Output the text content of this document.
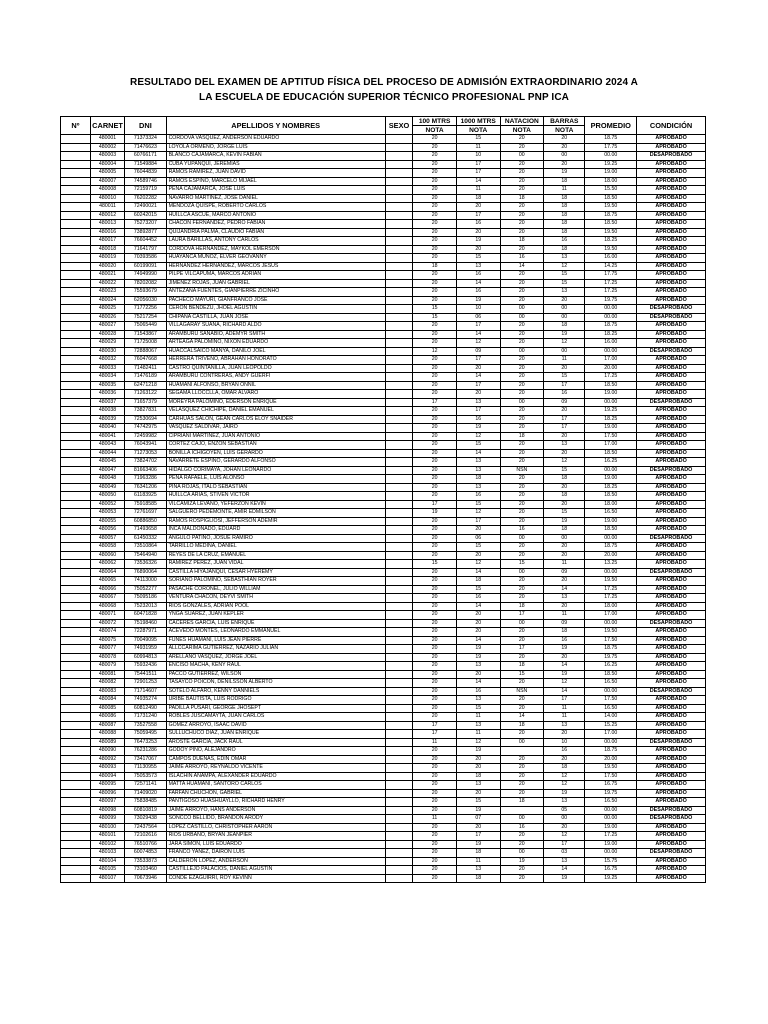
RESULTADO DEL EXAMEN DE APTITUD FÍSICA DEL PROCESO DE ADMISIÓN EXTRAORDINARIO 2024 A
LA ESCUELA DE EDUCACIÓN SUPERIOR TÉCNICO PROFESIONAL PNP ICA
Nº	CARNET	DNI	APELLIDOS Y NOMBRES	SEXO	100 MTRS	1000 MTRS	NATACION	BARRAS	PROMEDIO	CONDICIÓN
					NOTA	NOTA	NOTA	NOTA		
	480001	71373324	CORDOVA VASQUEZ, ANDERSON EDUARDO		20	15	20	20	18.75	APROBADO
	480002	71476623	LOYOLA ORMEÑO, JORGE LUIS		20	11	20	20	17.75	APROBADO
	480003	60766171	BLANCO CAJAMARCA, KEVIN FABIAN		20	10	00	00	00.00	DESAPROBADO
	480004	71549884	CUBA YUPANQUI, JEREMIAS		20	17	20	20	19.25	APROBADO
	480005	76044839	RAMOS RAMIREZ, JUAN DAVID		20	17	20	19	19.00	APROBADO
	480007	74589746	RAMOS ESPINO, MARCELO MIJAEL		20	14	20	18	18.00	APROBADO
	480008	72159719	PEÑA CAJAMARCA, JOSE LUIS		20	11	20	11	15.50	APROBADO
	480010	76202282	NAVARRO MARTINEZ, JOSE DANIEL		20	18	18	18	18.50	APROBADO
	480011	72490021	MENDOZA QUISPE, ROBERTO CARLOS		20	20	20	18	19.50	APROBADO
	480012	60242015	HUILLCA ASCUE, MARCO ANTONIO		20	17	20	18	18.75	APROBADO
	480013	75273207	CHACON FERNANDEZ, PEDRO FABIAN		20	16	20	18	18.50	APROBADO
	480016	73892877	QUIJANDRIA PALMA, CLAUDIO FABIAN		20	20	20	18	19.50	APROBADO
	480017	76604452	LAURA BARILLAS, ANTONY CARLOS		20	19	18	16	18.25	APROBADO
	480018	71641797	CORDOVA HERNANDEZ, MAYKOL EMERSON		20	20	20	18	19.50	APROBADO
	480019	70393586	HUAYANCA MUÑOZ, ELVER GEOVANNY		20	15	16	13	16.00	APROBADO
	480020	60199091	HERNANDEZ HERNANDEZ, MARCOS JESUS		18	13	14	12	14.25	APROBADO
	480021	74949990	PILPE VILCAPUMA, MARCOS ADRIAN		20	16	20	15	17.75	APROBADO
	480022	78202082	JIMENEZ ROJAS, JUAN GABRIEL		20	14	20	15	17.25	APROBADO
	480023	75593679	ANTEZANA FUENTES, GIANPIERRE ZICINHO		20	16	20	13	17.25	APROBADO
	480024	62056030	PACHECO MAYURI, GIANFRANCO JOSE		20	19	20	20	19.75	APROBADO
	480025	71772256	CERON BENDEZU, JHOEL AGUSTIN		15	10	00	00	00.00	DESAPROBADO
	480026	75217254	CHIPANA CASTILLA, JUAN JOSE		15	06	00	00	00.00	DESAPROBADO
	480027	75065449	VILLAGARAY SUAÑA, RICHARD ALDO		20	17	20	18	18.75	APROBADO
	480028	71543867	ARAMBURU SANABIO, ADEMYR SMITH		20	14	20	19	18.25	APROBADO
	480029	71725008	ARTEAGA PALOMINO, NIXON EDUARDO		20	12	20	12	16.00	APROBADO
	480030	72888067	HUACCALSAICO MANYA, DANILO JOEL		12	09	00	00	00.00	DESAPROBADO
	480032	76047668	HERRERA TRIVEÑO, ABRAHAN HONORATO		20	17	20	11	17.00	APROBADO
	480033	71482411	CASTRO QUINTANILLA, JUAN LEOPOLDO		20	20	20	20	20.00	APROBADO
	480034	71476189	ARAMBURU CONTRERAS, ANDY GUERFI		20	14	20	15	17.25	APROBADO
	480035	62471218	HUAMANI ALFONSO, BRYAN ONNIL		20	17	20	17	18.50	APROBADO
	480036	71263122	SEGAMA LLOCCLLA, OMAR ALVARO		20	20	20	16	19.00	APROBADO
	480037	71657379	MOREYRA PALOMINO, EDERSON ENRIQUE		17	13	00	09	00.00	DESAPROBADO
	480038	73827831	VELASQUEZ CHICHIPE, DANIEL EMANUEL		20	17	20	20	19.25	APROBADO
	480039	72530694	CARHUAS SALON, GEAN CARLOS ELOY SNAIDER		20	16	20	17	18.25	APROBADO
	480040	74742975	VASQUEZ SALDIVAR, JAIRO		20	19	20	17	19.00	APROBADO
	480041	72459982	CIPRIANI MARTINEZ, JUAN ANTONIO		20	12	18	20	17.50	APROBADO
	480043	76043941	CORTEZ CAJO, ENZON SEBASTIAN		20	15	20	13	17.00	APROBADO
	480044	71273053	BONILLA ICHIGOYEN, LUIS GERARDO		20	14	20	20	18.50	APROBADO
	480045	73824702	NAVARRETE ESPINO, GERARDO ALFONSO		20	13	20	12	16.25	APROBADO
	480047	81663406	HIDALGO CORIMAYA, JOHAN LEONARDO		20	13	NSN	15	00.00	DESAPROBADO
	480048	71963286	PEÑA RAFAELE, LUIS ALONSO		20	18	20	18	19.00	APROBADO
	480049	76341206	PIÑA ROJAS, ITALO SEBASTIAN		20	13	20	20	18.25	APROBADO
	480050	61183925	HUILLCA ARIAS, STIVEN VICTOR		20	16	20	18	18.50	APROBADO
	480052	75918585	VILCAMIZA LEVANO, YEFERZON KEVIN		17	15	20	20	18.00	APROBADO
	480053	72761697	SALGUERO PEDEMONTE, AMIR EDMILSON		19	12	20	15	16.50	APROBADO
	480055	60886850	RAMOS ROSPIGLIOSI, JEFFERSON ADEMIR		20	17	20	19	19.00	APROBADO
	480056	71493658	INCA MALDONADO, EDUARD		20	20	16	18	18.50	APROBADO
	480057	61450332	ANGULO PATIÑO, JOSUE RAMIRO		20	06	00	00	00.00	DESAPROBADO
	480058	73510864	TARRILLO MEDINA, DANIEL		20	15	20	20	18.75	APROBADO
	480060	75464940	REYES DE LA CRUZ, EMANUEL		20	20	20	20	20.00	APROBADO
	480062	73536326	RAMIREZ PEREZ, JUAN VIDAL		15	12	15	11	13.25	APROBADO
	480064	76890064	CASTILLA HIYAJANQUI, CESAR HYEREMY		20	14	00	09	00.00	DESAPROBADO
	480065	74113000	SORIANO PALOMINO, SEBASTHIAN ROYER		20	18	20	20	19.50	APROBADO
	480066	75052277	PASACHE CORONEL, JULIO WILLIAM		20	15	20	14	17.25	APROBADO
	480067	75095186	VENTURA CHACON, DEYVI SMITH		20	16	20	13	17.25	APROBADO
	480068	75232013	RIOS GONZALES, ADRIAN POOL		20	14	18	20	18.00	APROBADO
	480071	60471828	YNGA SUAREZ, JUAN KEPLER		20	20	17	11	17.00	APROBADO
	480072	75198460	CACERES GARCIA, LUIS ENRIQUE		20	20	00	09	00.00	DESAPROBADO
	480074	72287971	ACEVEDO MONTES, LEONARDO EMMANUEL		20	20	20	18	19.50	APROBADO
	480075	70049095	FUNES HUAMANI, LUIS JEAN PIERRE		20	14	20	16	17.50	APROBADO
	480077	74931959	ALLCCARIMA GUTIERREZ, NAZARIO JULIAN		20	19	17	19	18.75	APROBADO
	480078	60994813	ARELLANO VASQUEZ, JORGE JOEL		20	19	20	20	19.75	APROBADO
	480079	75932436	ENCISO MACHA, KENY RAUL		20	13	18	14	16.25	APROBADO
	480081	75441511	PACCO GUTIERREZ, WILSON		20	20	15	19	18.50	APROBADO
	480082	72901253	TASAYCO POICON, DENILSSON ALBERTO		20	14	20	12	16.50	APROBADO
	480083	71714607	SOTELO ALFARO, KENNY DANNIELS		20	16	NSN	14	00.00	DESAPROBADO
	480084	74935274	URIBE BAUTISTA, LUIS RODRIGO		20	13	20	17	17.50	APROBADO
	480085	60812490	PADILLA PUSARI, GEORGE JHOSEPT		20	15	20	11	16.50	APROBADO
	480086	71731240	ROBLES JUSCAMAYTA, JUAN CARLOS		20	11	14	11	14.00	APROBADO
	480087	73527558	GOMEZ ARROYO, ISAAC DAVID		17	13	18	13	15.25	APROBADO
	480088	75059495	SULLUCHUCO DIAZ, JUAN ENRIQUE		17	11	20	20	17.00	APROBADO
	480089	76473253	AROSTE GARCIA, JACK RAUL		11	12	00	10	00.00	DESAPROBADO
	480090	76231286	GODOY PINO, ALEJANDRO		20	19		16	18.75	APROBADO
	480092	73417067	CAMPOS DUEÑAS, EDIN OMAR		20	20	20	20	20.00	APROBADO
	480093	71130955	JAIME ARROYO, REYNALDO VICENTE		20	20	20	18	19.50	APROBADO
	480094	75053573	ISLACHIN ANAMPA, ALEXANDER EDUARDO		20	18	20	12	17.50	APROBADO
	480095	72571141	MATTA HUAMANI, SANTORO CARLOS		20	13	20	12	16.75	APROBADO
	480096	71409020	FARFAN CHUCHON, GABRIEL		20	20	20	19	19.75	APROBADO
	480097	75838485	PANTIGOSO HUASHUAYLLO, RICHARD HENRY		20	15	18	13	16.50	APROBADO
	480098	60810819	JAIME ARROYO, HANS ANDERSON		20	19		05	00.00	DESAPROBADO
	480099	73029438	SONCCO BELLIDO, BRANDON ARODY		11	07	00	00	00.00	DESAPROBADO
	480100	72437564	LOPEZ CASTILLO, CHRISTOPHER AARON		20	20	16	20	19.00	APROBADO
	480101	72102616	RIOS URBANO, BRYAN JEANPIER		20	17	20	12	17.25	APROBADO
	480102	76510766	JARA SIMON, LUIS EDUARDO		20	19	20	17	19.00	APROBADO
	480103	60074853	FRANCO YAÑEZ, DAIRON LUIS		20	18	00	03	00.00	DESAPROBADO
	480104	73533873	CALDERON LOPEZ, ANDERSON		20	11	19	13	15.75	APROBADO
	480105	73103460	CASTILLEJO PALACIOS, DANIEL AGUSTIN		20	13	20	14	16.75	APROBADO
	480107	70673946	CONDE EZAGUIRRI, ROY KEVINN		20	18	20	19	19.25	APROBADO
